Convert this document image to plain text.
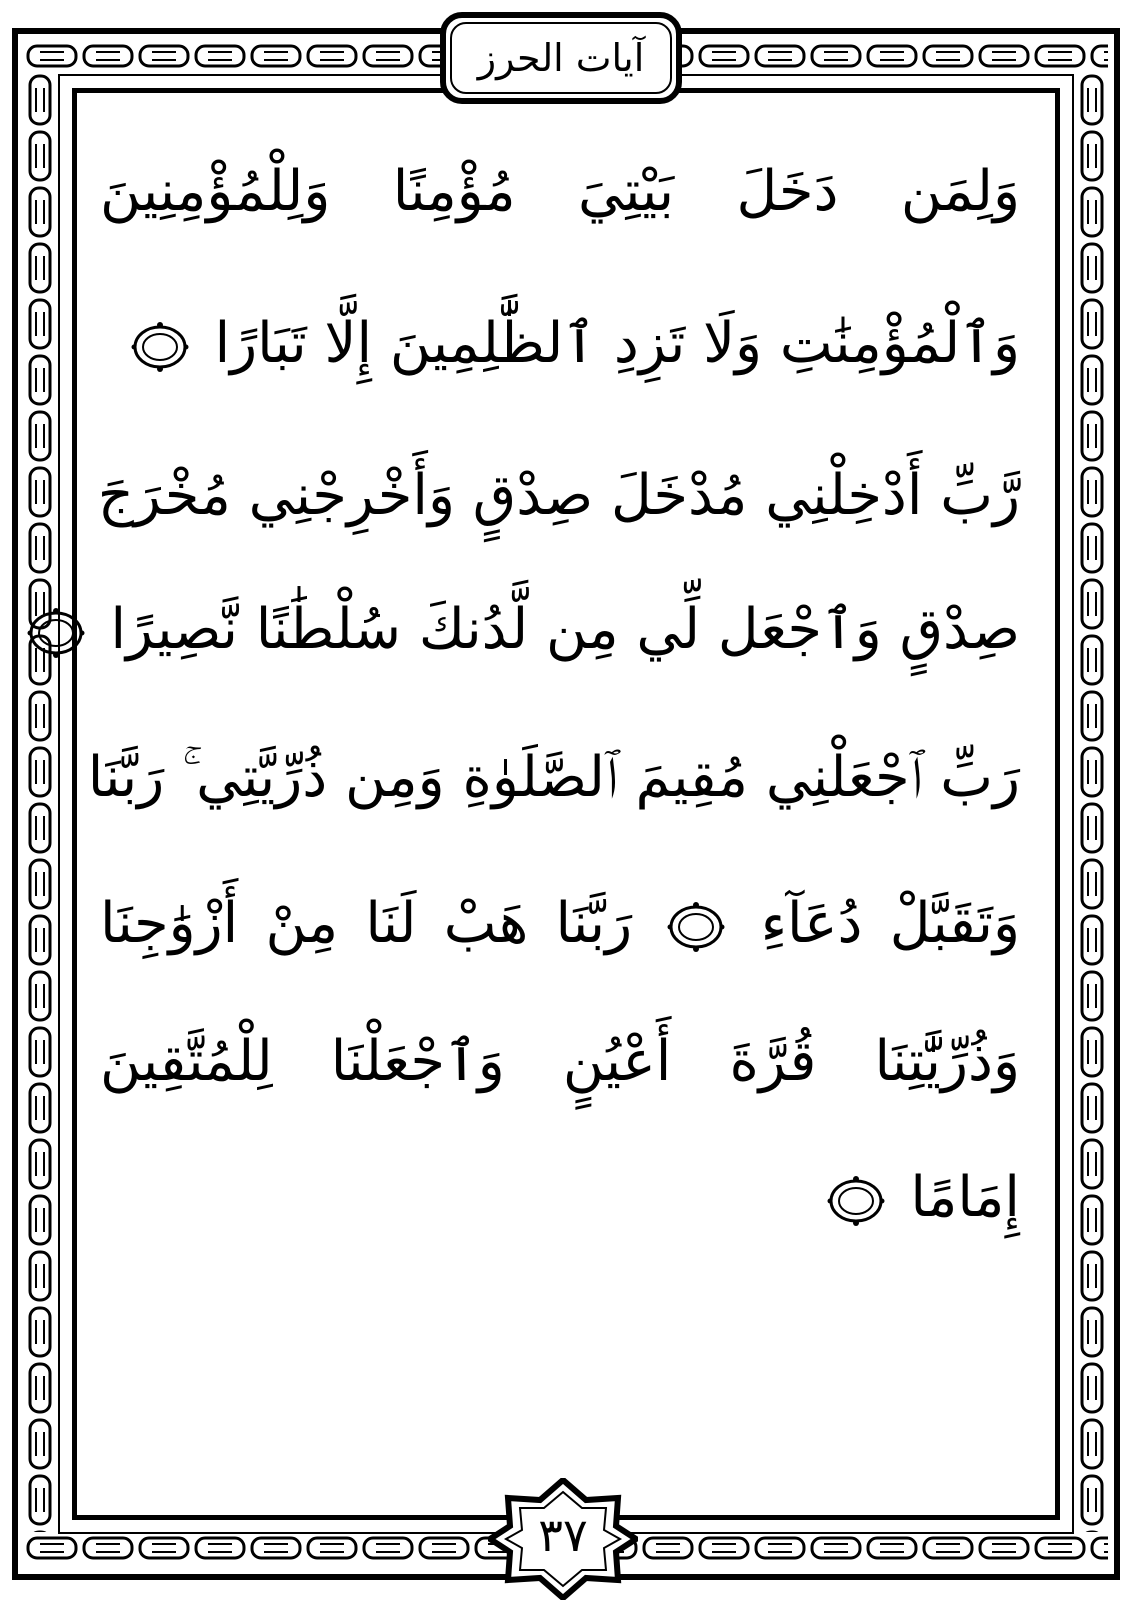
آيات الحرز
وَلِمَن دَخَلَ بَيْتِيَ مُؤْمِنًا وَلِلْمُؤْمِنِينَ
وَٱلْمُؤْمِنَٰتِ وَلَا تَزِدِ ٱلظَّٰلِمِينَ إِلَّا تَبَارًا
رَّبِّ أَدْخِلْنِي مُدْخَلَ صِدْقٍ وَأَخْرِجْنِي مُخْرَجَ
صِدْقٍ وَٱجْعَل لِّي مِن لَّدُنكَ سُلْطَٰنًا نَّصِيرًا
رَبِّ ٱجْعَلْنِي مُقِيمَ ٱلصَّلَوٰةِ وَمِن ذُرِّيَّتِي ۚ رَبَّنَا
وَتَقَبَّلْ دُعَآءِ  رَبَّنَا هَبْ لَنَا مِنْ أَزْوَٰجِنَا
وَذُرِّيَّٰتِنَا قُرَّةَ أَعْيُنٍ وَٱجْعَلْنَا لِلْمُتَّقِينَ
إِمَامًا
٣٧
